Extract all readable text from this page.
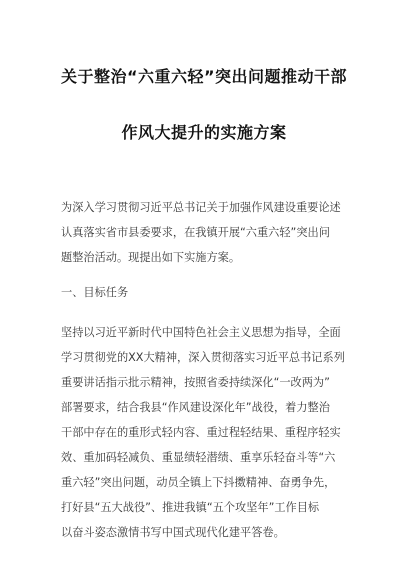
关于整治“六重六轻”突出问题推动干部
作风大提升的实施方案
为深入学习贯彻习近平总书记关于加强作风建设重要论述
认真落实省市县委要求，在我镇开展“六重六轻”突出问
题整治活动。现提出如下实施方案。
一、目标任务
坚持以习近平新时代中国特色社会主义思想为指导，全面
学习贯彻党的XX大精神，深入贯彻落实习近平总书记系列
重要讲话指示批示精神，按照省委持续深化“一改两为”
部署要求，结合我县“作风建设深化年”战役，着力整治
干部中存在的重形式轻内容、重过程轻结果、重程序轻实
效、重加码轻减负、重显绩轻潜绩、重享乐轻奋斗等“六
重六轻”突出问题，动员全镇上下抖擞精神、奋勇争先，
打好县“五大战役”、推进我镇“五个攻坚年”工作目标
以奋斗姿态激情书写中国式现代化建平答卷。
